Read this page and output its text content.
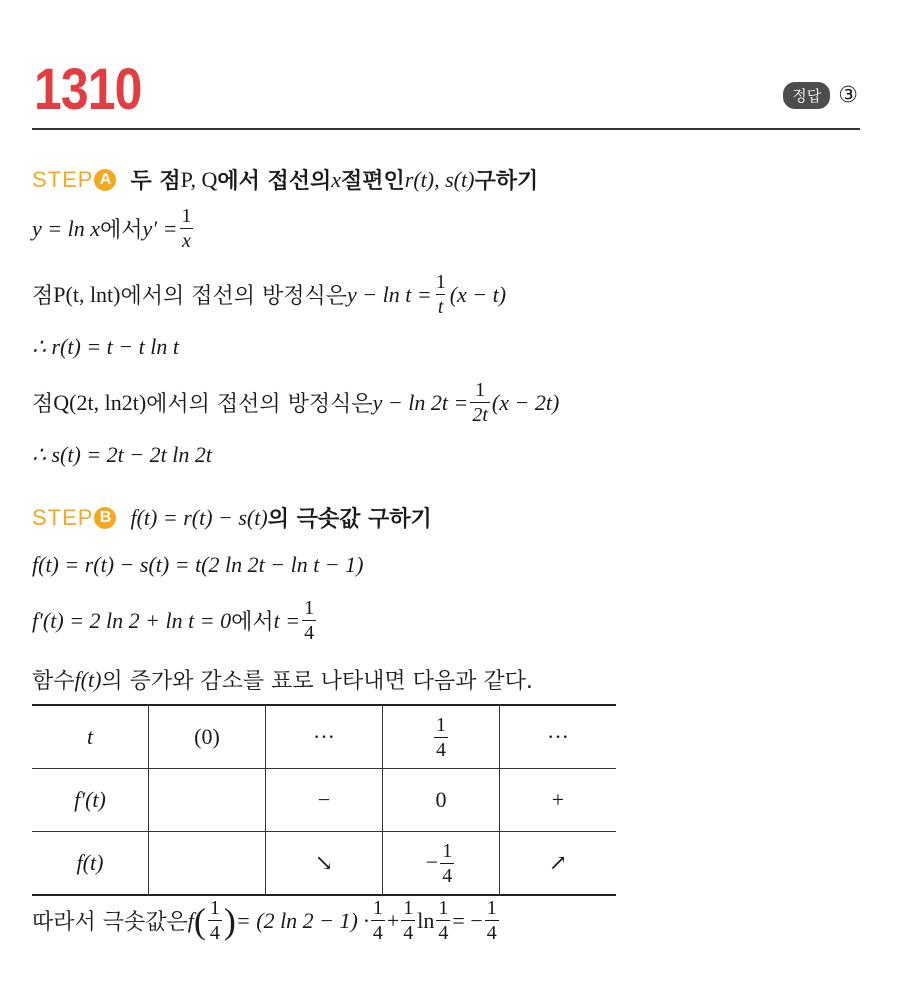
1310	정답 ③
STEP A 두 점 P, Q 에서 접선의 x 절편인 r(t), s(t) 구하기
y = ln x 에서 $y' = \frac{1}{x}$
점 P(t, lnt) 에서의 접선의 방정식은 $y - \ln t = \frac{1}{t} (x - t)$
∴ r(t) = t − t ln t
점 Q(2t, ln2t) 에서의 접선의 방정식은 $y - \ln 2t = \frac{1}{2t} (x - 2t)$
∴ s(t) = 2t − 2t ln 2t
STEP B f(t) = r(t) − s(t) 의 극솟값 구하기
f(t) = r(t) − s(t) = t(2 ln 2t − ln t − 1)
f′(t) = 2 ln 2 + ln t = 0 에서 $t = \frac{1}{4}$
함수 f(t) 의 증가와 감소를 표로 나타내면 다음과 같다.
t	(0)	···	$\frac{1}{4}$	···
f′(t)		−	0	+
f(t)		↘	− $\frac{1}{4}$	↗
따라서 극솟값은 f ( $\frac{1}{4}$ ) = (2 $\ln 2 - 1) \cdot \frac{1}{4} + \frac{1}{4}$ $\ln \frac{1}{4}$ = − $\frac{1}{4}$
